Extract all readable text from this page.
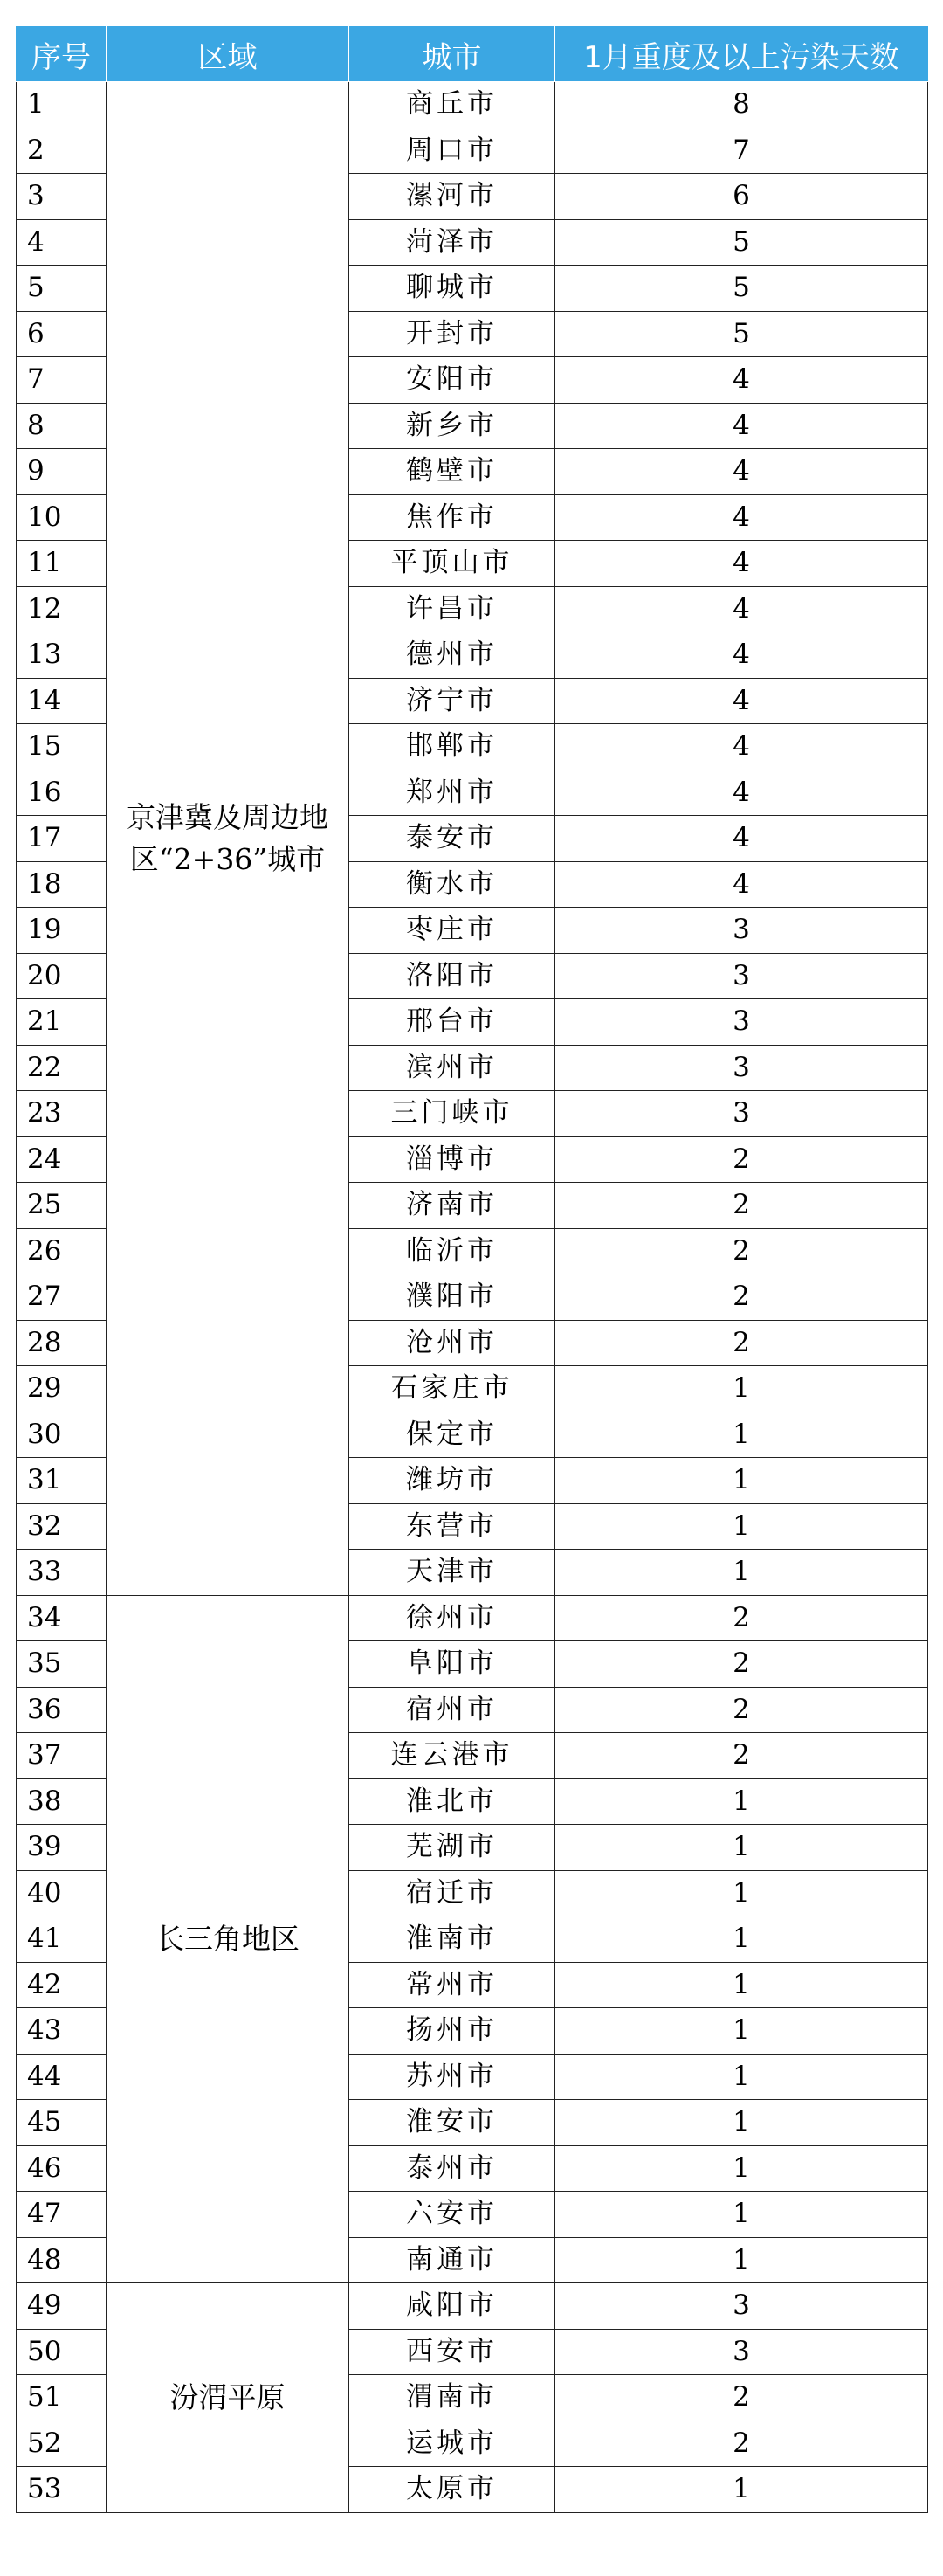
序号	区域	城市	1月重度及以上污染天数
1	京津冀及周边地区“2+36”城市	商丘市	8
2		周口市	7
3		漯河市	6
4		菏泽市	5
5		聊城市	5
6		开封市	5
7		安阳市	4
8		新乡市	4
9		鹤壁市	4
10		焦作市	4
11		平顶山市	4
12		许昌市	4
13		德州市	4
14		济宁市	4
15		邯郸市	4
16		郑州市	4
17		泰安市	4
18		衡水市	4
19		枣庄市	3
20		洛阳市	3
21		邢台市	3
22		滨州市	3
23		三门峡市	3
24		淄博市	2
25		济南市	2
26		临沂市	2
27		濮阳市	2
28		沧州市	2
29		石家庄市	1
30		保定市	1
31		潍坊市	1
32		东营市	1
33		天津市	1
34	长三角地区	徐州市	2
35		阜阳市	2
36		宿州市	2
37		连云港市	2
38		淮北市	1
39		芜湖市	1
40		宿迁市	1
41		淮南市	1
42		常州市	1
43		扬州市	1
44		苏州市	1
45		淮安市	1
46		泰州市	1
47		六安市	1
48		南通市	1
49	汾渭平原	咸阳市	3
50		西安市	3
51		渭南市	2
52		运城市	2
53		太原市	1
